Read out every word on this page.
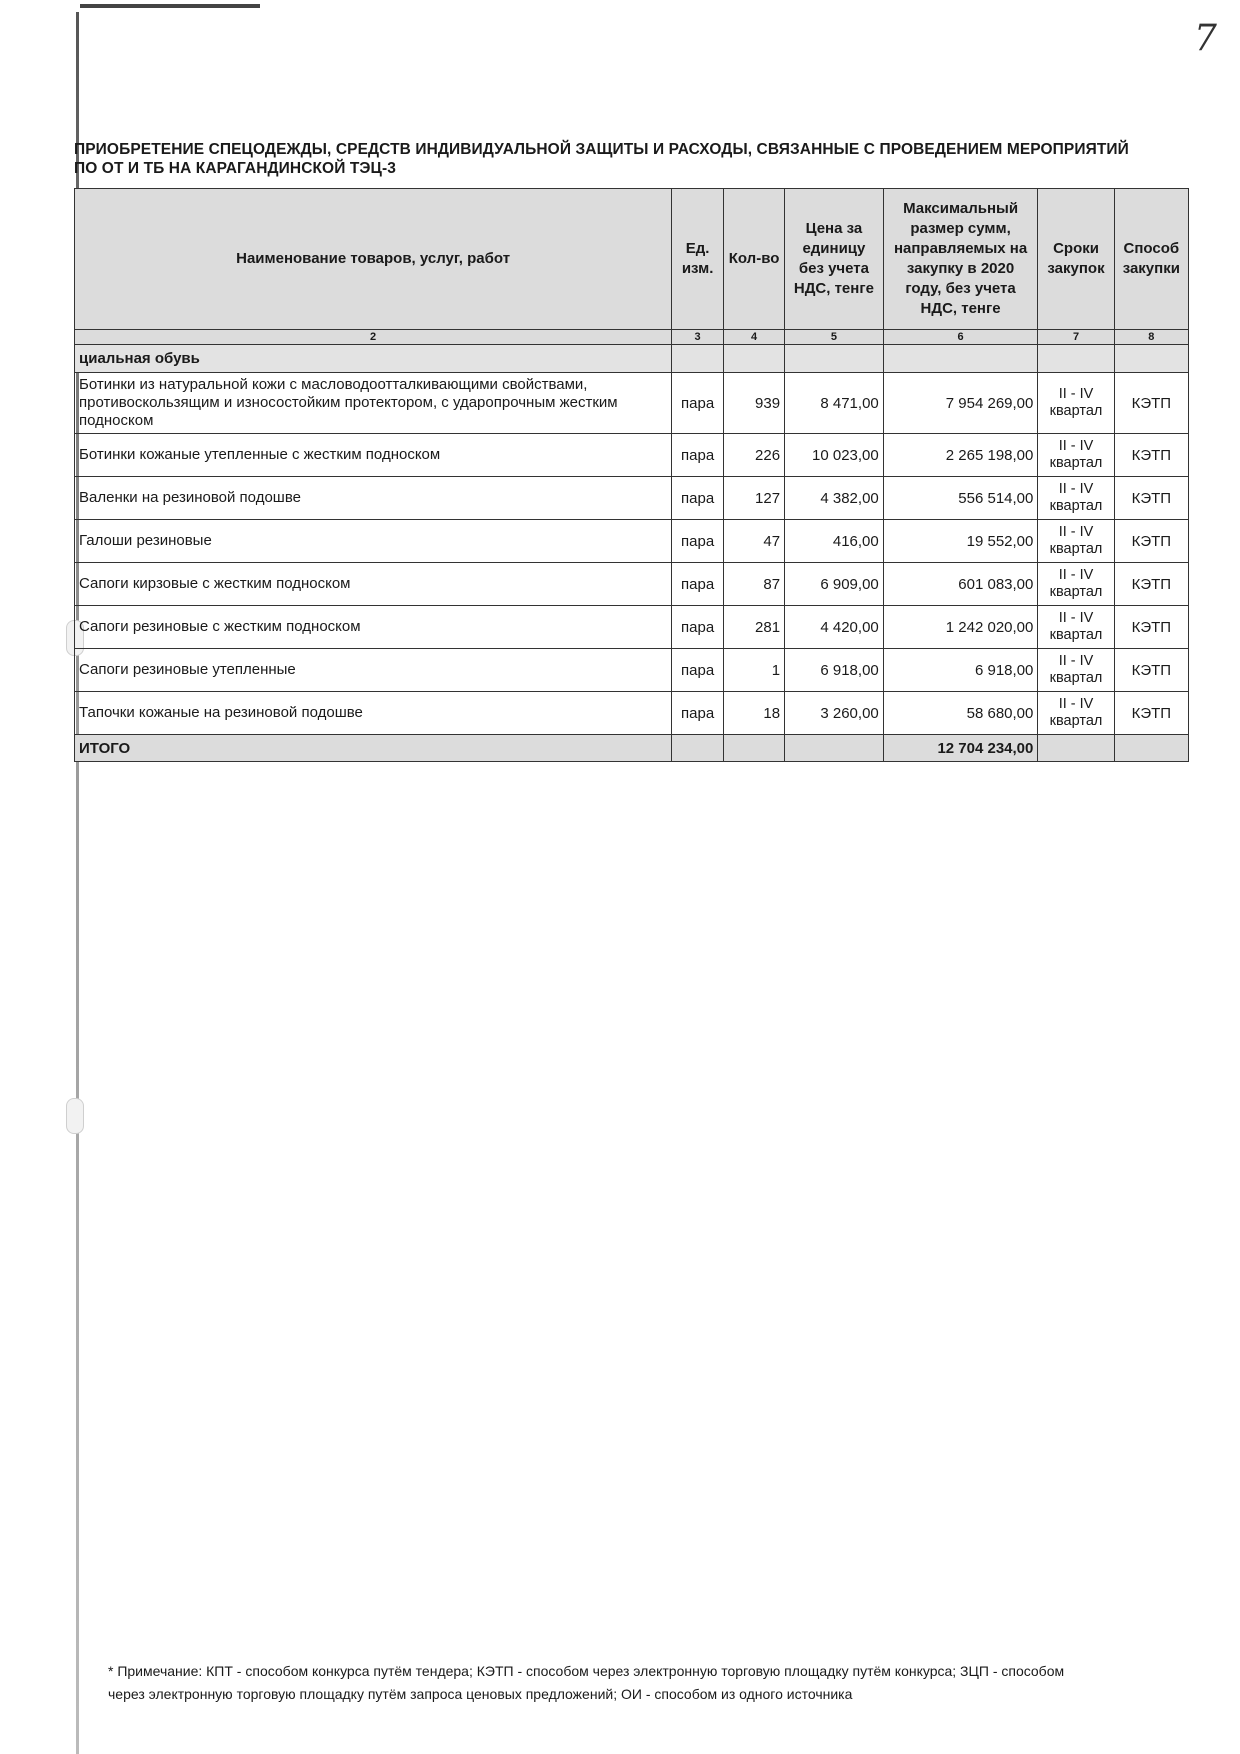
7
ПРИОБРЕТЕНИЕ СПЕЦОДЕЖДЫ, СРЕДСТВ ИНДИВИДУАЛЬНОЙ ЗАЩИТЫ И РАСХОДЫ, СВЯЗАННЫЕ С ПРОВЕДЕНИЕМ МЕРОПРИЯТИЙ
ПО ОТ И ТБ НА КАРАГАНДИНСКОЙ ТЭЦ-3
Наименование товаров, услуг, работ	Ед. изм.	Кол-во	Цена за единицу без учета НДС, тенге	Максимальный размер сумм, направляемых на закупку в 2020 году, без учета НДС, тенге	Сроки закупок	Способ закупки
2	3	4	5	6	7	8
циальная обувь						
Ботинки из натуральной кожи с масловодоотталкивающими свойствами, противоскользящим и износостойким протектором, с ударопрочным жестким подноском	пара	939	8 471,00	7 954 269,00	II - IV квартал	КЭТП
Ботинки кожаные утепленные с жестким подноском	пара	226	10 023,00	2 265 198,00	II - IV квартал	КЭТП
Валенки на резиновой подошве	пара	127	4 382,00	556 514,00	II - IV квартал	КЭТП
Галоши резиновые	пара	47	416,00	19 552,00	II - IV квартал	КЭТП
Сапоги кирзовые с жестким подноском	пара	87	6 909,00	601 083,00	II - IV квартал	КЭТП
Сапоги резиновые с жестким подноском	пара	281	4 420,00	1 242 020,00	II - IV квартал	КЭТП
Сапоги резиновые утепленные	пара	1	6 918,00	6 918,00	II - IV квартал	КЭТП
Тапочки кожаные на резиновой подошве	пара	18	3 260,00	58 680,00	II - IV квартал	КЭТП
ИТОГО				12 704 234,00		
* Примечание: КПТ - способом конкурса путём тендера; КЭТП - способом через электронную торговую площадку путём конкурса; ЗЦП - способом через электронную торговую площадку путём запроса ценовых предложений; ОИ - способом из одного источника
